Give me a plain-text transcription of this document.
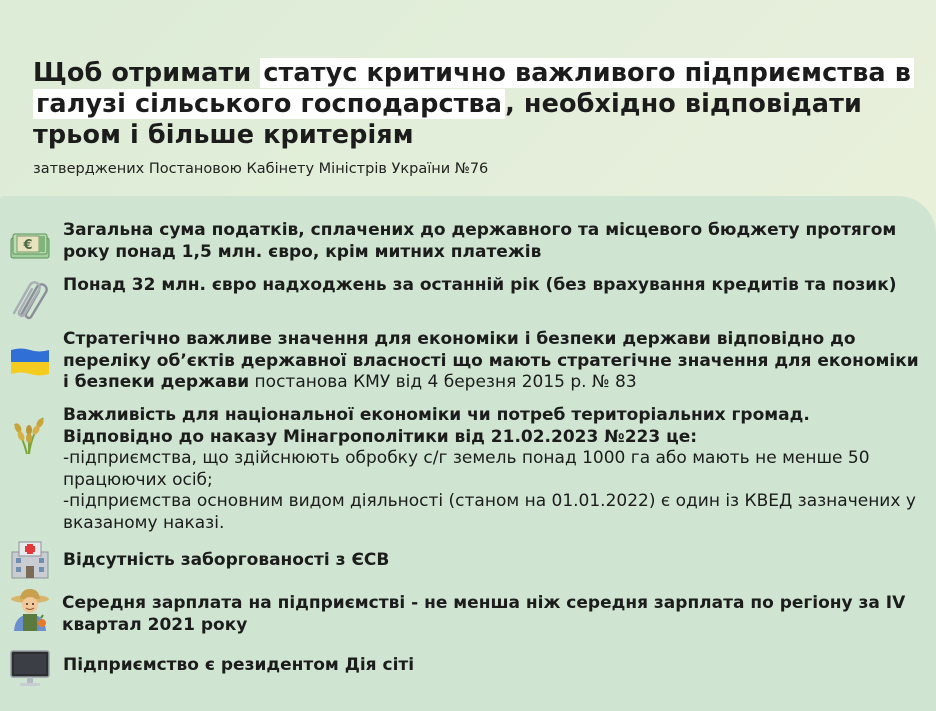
Щоб отримати статус критично важливого підприємства в галузі сільського господарства , необхідно відповідати трьом і більше критеріям
затверджених Постановою Кабінету Міністрів України №76
€
Загальна сума податків, сплачених до державного та місцевого бюджету протягом року понад 1,5 млн. євро, крім митних платежів
Понад 32 млн. євро надходжень за останній рік (без врахування кредитів та позик)
Стратегічно важливе значення для економіки і безпеки держави відповідно до переліку об’єктів державної власності що мають стратегічне значення для економіки і безпеки держави постанова КМУ від 4 березня 2015 р. № 83
Важливість для національної економіки чи потреб територіальних громад. Відповідно до наказу Мінагрополітики від 21.02.2023 №223 це:
-підприємства, що здійснюють обробку с/г земель понад 1000 га або мають не менше 50 працюючих осіб;
-підприємства основним видом діяльності (станом на 01.01.2022) є один із КВЕД зазначених у вказаному наказі.
Відсутність заборгованості з ЄСВ
Середня зарплата на підприємстві - не менша ніж середня зарплата по регіону за IV квартал 2021 року
Підприємство є резидентом Дія сіті
